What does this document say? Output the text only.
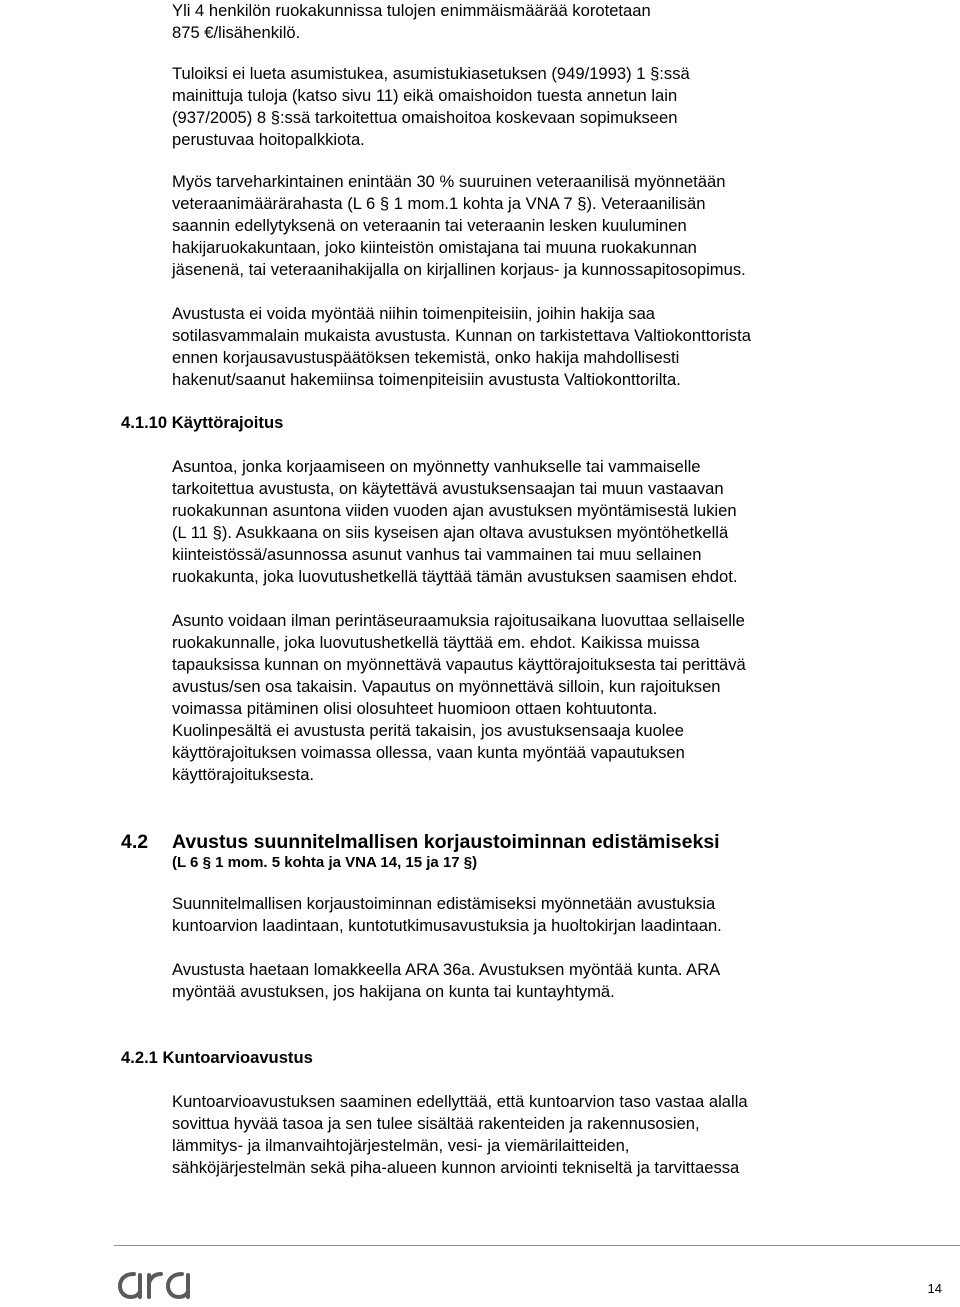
Yli 4 henkilön ruokakunnissa tulojen enimmäismäärää korotetaan
875 €/lisähenkilö.
Tuloiksi ei lueta asumistukea, asumistukiasetuksen (949/1993) 1 §:ssä
mainittuja tuloja (katso sivu 11) eikä omaishoidon tuesta annetun lain
(937/2005) 8 §:ssä tarkoitettua omaishoitoa koskevaan sopimukseen
perustuvaa hoitopalkkiota.
Myös tarveharkintainen enintään 30 % suuruinen veteraanilisä myönnetään
veteraanimäärärahasta (L 6 § 1 mom.1 kohta ja VNA 7 §). Veteraanilisän
saannin edellytyksenä on veteraanin tai veteraanin lesken kuuluminen
hakijaruokakuntaan, joko kiinteistön omistajana tai muuna ruokakunnan
jäsenenä, tai veteraanihakijalla on kirjallinen korjaus- ja kunnossapitosopimus.
Avustusta ei voida myöntää niihin toimenpiteisiin, joihin hakija saa
sotilasvammalain mukaista avustusta. Kunnan on tarkistettava Valtiokonttorista
ennen korjausavustuspäätöksen tekemistä, onko hakija mahdollisesti
hakenut/saanut hakemiinsa toimenpiteisiin avustusta Valtiokonttorilta.
4.1.10 Käyttörajoitus
Asuntoa, jonka korjaamiseen on myönnetty vanhukselle tai vammaiselle
tarkoitettua avustusta, on käytettävä avustuksensaajan tai muun vastaavan
ruokakunnan asuntona viiden vuoden ajan avustuksen myöntämisestä lukien
(L 11 §). Asukkaana on siis kyseisen ajan oltava avustuksen myöntöhetkellä
kiinteistössä/asunnossa asunut vanhus tai vammainen tai muu sellainen
ruokakunta, joka luovutushetkellä täyttää tämän avustuksen saamisen ehdot.
Asunto voidaan ilman perintäseuraamuksia rajoitusaikana luovuttaa sellaiselle
ruokakunnalle, joka luovutushetkellä täyttää em. ehdot. Kaikissa muissa
tapauksissa kunnan on myönnettävä vapautus käyttörajoituksesta tai perittävä
avustus/sen osa takaisin. Vapautus on myönnettävä silloin, kun rajoituksen
voimassa pitäminen olisi olosuhteet huomioon ottaen kohtuutonta.
Kuolinpesältä ei avustusta peritä takaisin, jos avustuksensaaja kuolee
käyttörajoituksen voimassa ollessa, vaan kunta myöntää vapautuksen
käyttörajoituksesta.
4.2 Avustus suunnitelmallisen korjaustoiminnan edistämiseksi
(L 6 § 1 mom. 5 kohta ja VNA 14, 15 ja 17 §)
Suunnitelmallisen korjaustoiminnan edistämiseksi myönnetään avustuksia
kuntoarvion laadintaan, kuntotutkimusavustuksia ja huoltokirjan laadintaan.
Avustusta haetaan lomakkeella ARA 36a. Avustuksen myöntää kunta. ARA
myöntää avustuksen, jos hakijana on kunta tai kuntayhtymä.
4.2.1 Kuntoarvioavustus
Kuntoarvioavustuksen saaminen edellyttää, että kuntoarvion taso vastaa alalla
sovittua hyvää tasoa ja sen tulee sisältää rakenteiden ja rakennusosien,
lämmitys- ja ilmanvaihtojärjestelmän, vesi- ja viemärilaitteiden,
sähköjärjestelmän sekä piha-alueen kunnon arviointi tekniseltä ja tarvittaessa
14
